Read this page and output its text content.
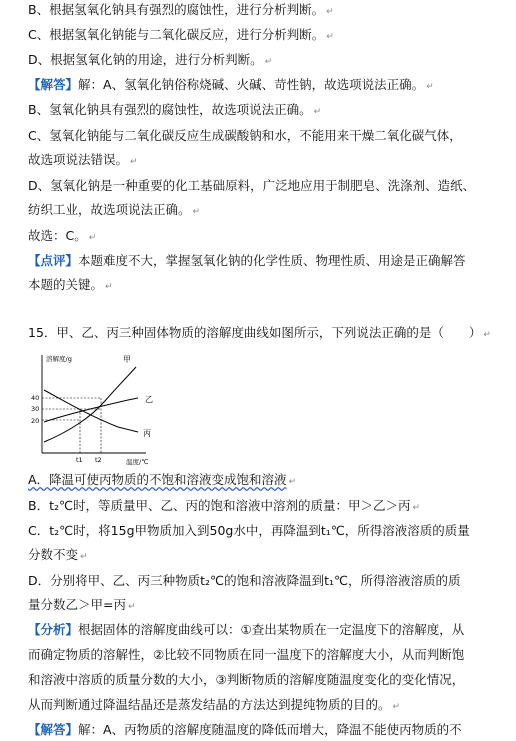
B、根据氢氧化钠具有强烈的腐蚀性，进行分析判断。 ↵
C、根据氢氧化钠能与二氧化碳反应，进行分析判断。 ↵
D、根据氢氧化钠的用途，进行分析判断。 ↵
【解答】解：A、氢氧化钠俗称烧碱、火碱、苛性钠，故选项说法正确。 ↵
B、氢氧化钠具有强烈的腐蚀性，故选项说法正确。 ↵
C、氢氧化钠能与二氧化碳反应生成碳酸钠和水，不能用来干燥二氧化碳气体，
故选项说法错误。 ↵
D、氢氧化钠是一种重要的化工基础原料，广泛地应用于制肥皂、洗涤剂、造纸、
纺织工业，故选项说法正确。 ↵
故选：C。 ↵
【点评】本题难度不大，掌握氢氧化钠的化学性质、物理性质、用途是正确解答
本题的关键。 ↵
15．甲、乙、丙三种固体物质的溶解度曲线如图所示，下列说法正确的是（　　） ↵
溶解度/g
温度/℃
40
30
20
t1 t2
甲
乙
丙
A．降温可使丙物质的不饱和溶液变成饱和溶液 ↵
B．t₂℃时，等质量甲、乙、丙的饱和溶液中溶剂的质量：甲＞乙＞丙 ↵
C．t₂℃时，将15g甲物质加入到50g水中，再降温到t₁℃，所得溶液溶质的质量
分数不变 ↵
D．分别将甲、乙、丙三种物质t₂℃的饱和溶液降温到t₁℃，所得溶液溶质的质
量分数乙＞甲=丙 ↵
【分析】根据固体的溶解度曲线可以：①查出某物质在一定温度下的溶解度，从
而确定物质的溶解性，②比较不同物质在同一温度下的溶解度大小，从而判断饱
和溶液中溶质的质量分数的大小，③判断物质的溶解度随温度变化的变化情况，
从而判断通过降温结晶还是蒸发结晶的方法达到提纯物质的目的。 ↵
【解答】解：A、丙物质的溶解度随温度的降低而增大，降温不能使丙物质的不
